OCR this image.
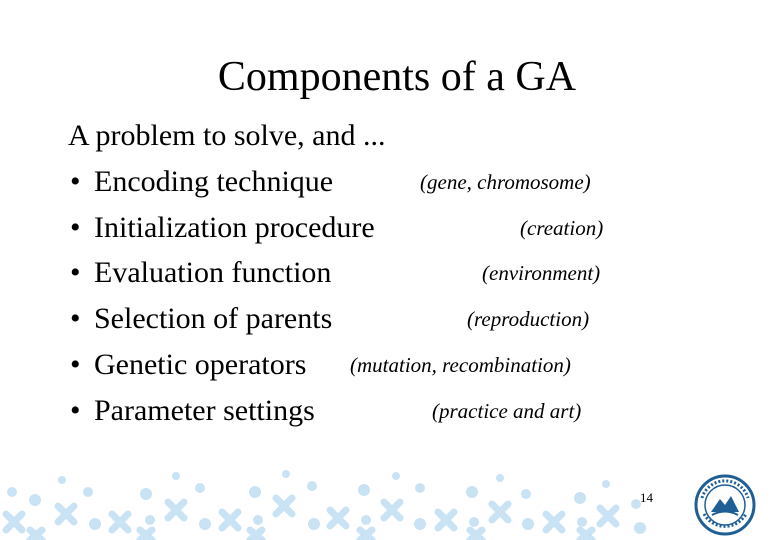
Components of a GA
A problem to solve, and ...
• Encoding technique	(gene, chromosome)
• Initialization procedure	(creation)
• Evaluation function	(environment)
• Selection of parents	(reproduction)
• Genetic operators (mutation, recombination)
• Parameter settings	(practice and art)
14
